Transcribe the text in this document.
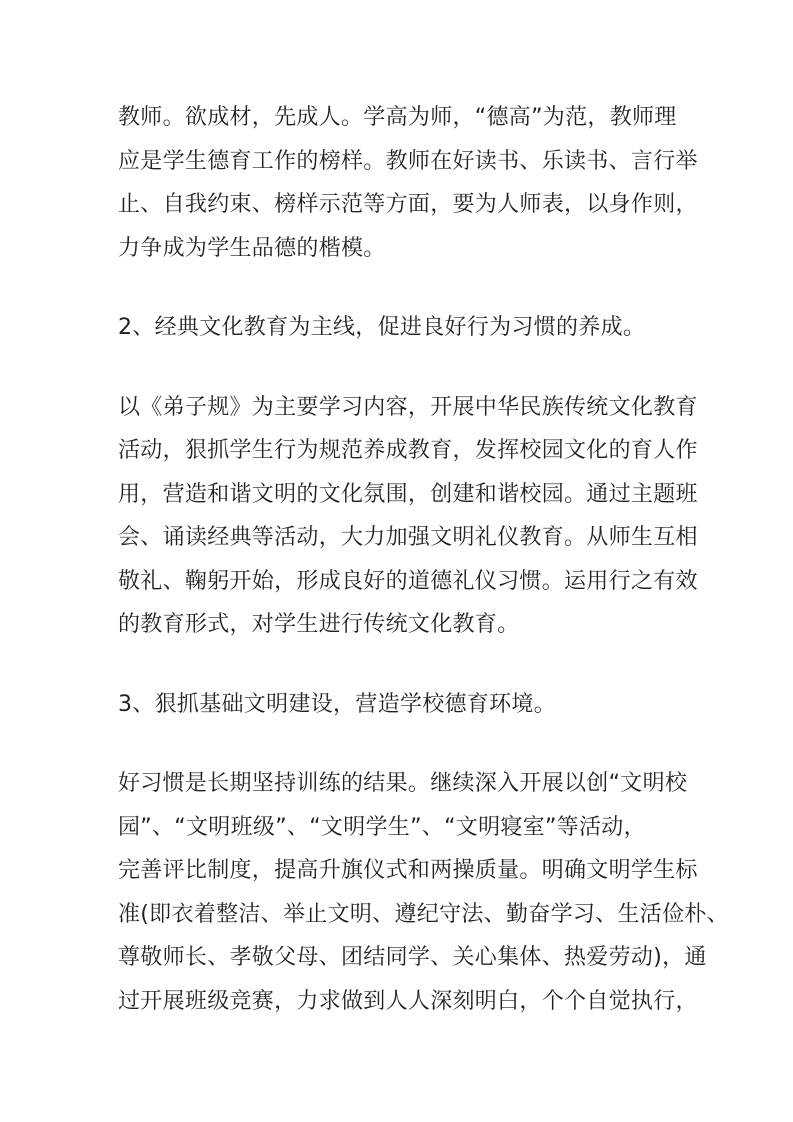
教师。欲成材，先成人。学高为师，“德高”为范，教师理
应是学生德育工作的榜样。教师在好读书、乐读书、言行举
止、自我约束、榜样示范等方面，要为人师表，以身作则，
力争成为学生品德的楷模。

2、经典文化教育为主线，促进良好行为习惯的养成。

以《弟子规》为主要学习内容，开展中华民族传统文化教育
活动，狠抓学生行为规范养成教育，发挥校园文化的育人作
用，营造和谐文明的文化氛围，创建和谐校园。通过主题班
会、诵读经典等活动，大力加强文明礼仪教育。从师生互相
敬礼、鞠躬开始，形成良好的道德礼仪习惯。运用行之有效
的教育形式，对学生进行传统文化教育。

3、狠抓基础文明建设，营造学校德育环境。

好习惯是长期坚持训练的结果。继续深入开展以创“文明校
园”、“文明班级”、“文明学生”、“文明寝室”等活动，
完善评比制度，提高升旗仪式和两操质量。明确文明学生标
准(即衣着整洁、举止文明、遵纪守法、勤奋学习、生活俭朴、
尊敬师长、孝敬父母、团结同学、关心集体、热爱劳动)，通
过开展班级竞赛，力求做到人人深刻明白，个个自觉执行，
